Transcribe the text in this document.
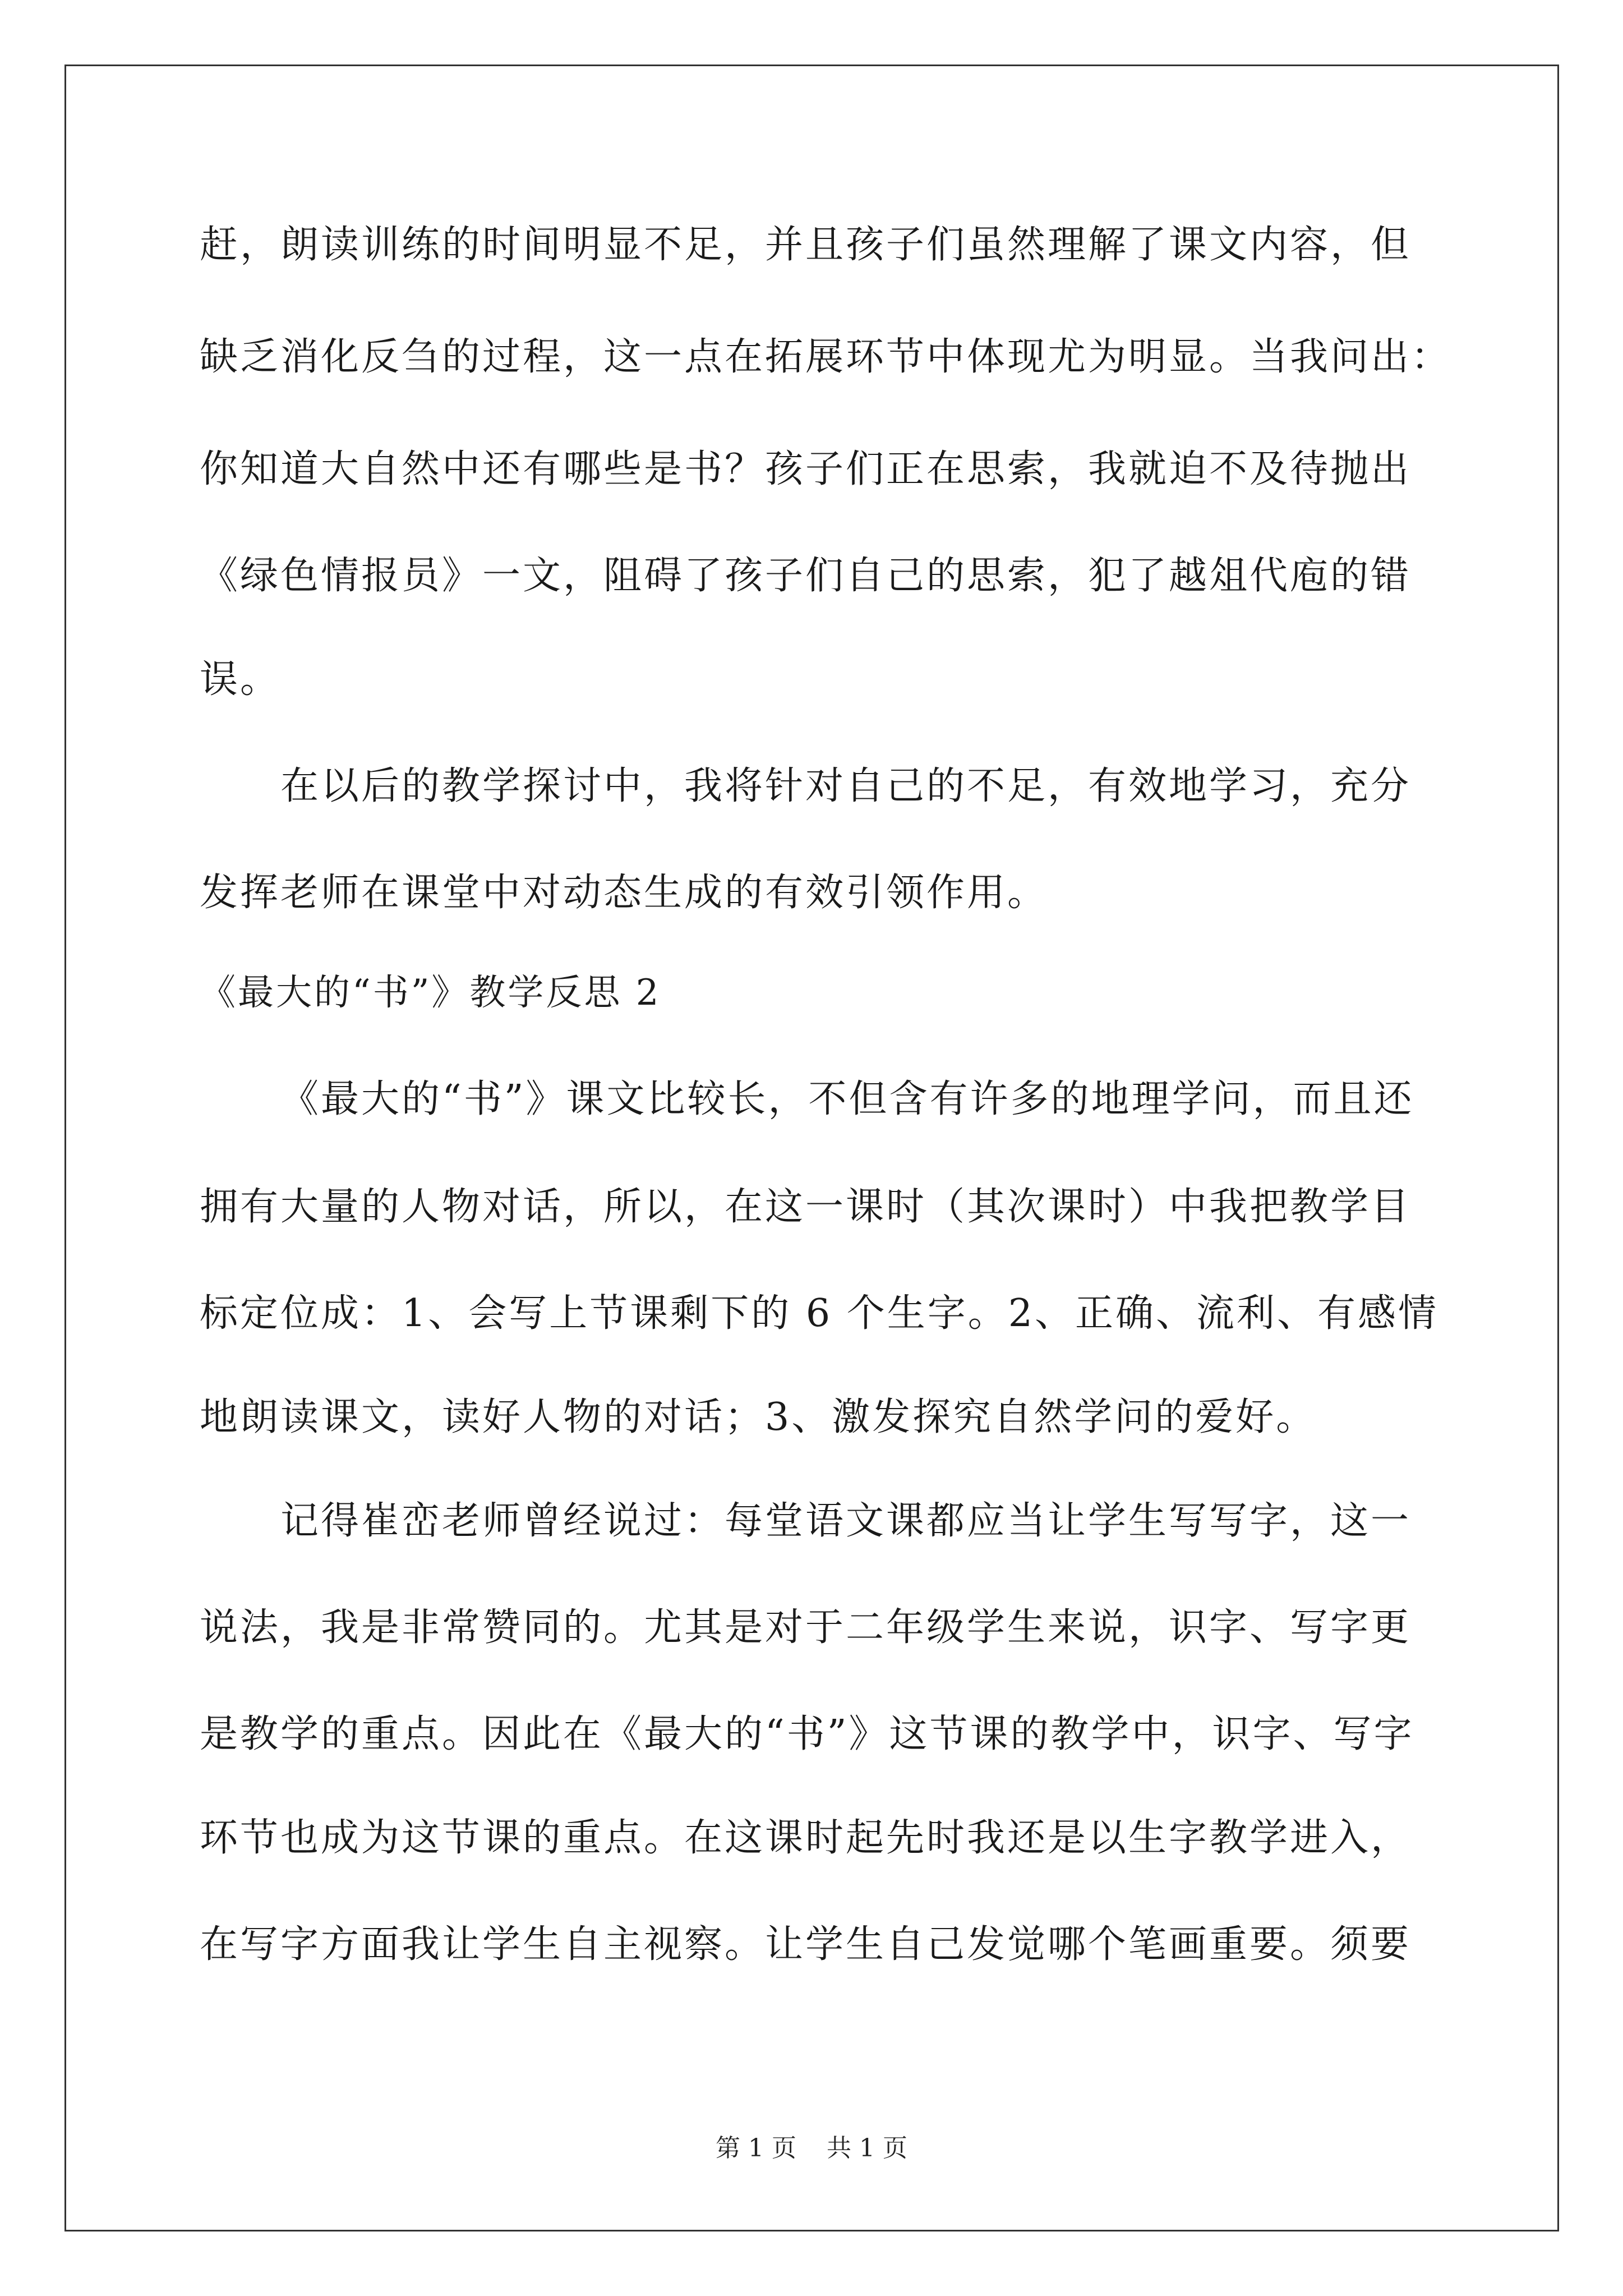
赶，朗读训练的时间明显不足，并且孩子们虽然理解了课文内容，但
缺乏消化反刍的过程，这一点在拓展环节中体现尤为明显。当我问出：
你知道大自然中还有哪些是书？孩子们正在思索，我就迫不及待抛出
《绿色情报员》一文，阻碍了孩子们自己的思索，犯了越俎代庖的错
误。
在以后的教学探讨中，我将针对自己的不足，有效地学习，充分
发挥老师在课堂中对动态生成的有效引领作用。
《最大的“书”》教学反思 2
《最大的“书”》课文比较长，不但含有许多的地理学问，而且还
拥有大量的人物对话，所以，在这一课时（其次课时）中我把教学目
标定位成：1、会写上节课剩下的 6 个生字。2、正确、流利、有感情
地朗读课文，读好人物的对话；3、激发探究自然学问的爱好。
记得崔峦老师曾经说过：每堂语文课都应当让学生写写字，这一
说法，我是非常赞同的。尤其是对于二年级学生来说，识字、写字更
是教学的重点。因此在《最大的“书”》这节课的教学中，识字、写字
环节也成为这节课的重点。在这课时起先时我还是以生字教学进入，
在写字方面我让学生自主视察。让学生自己发觉哪个笔画重要。须要
第 1 页 共 1 页
